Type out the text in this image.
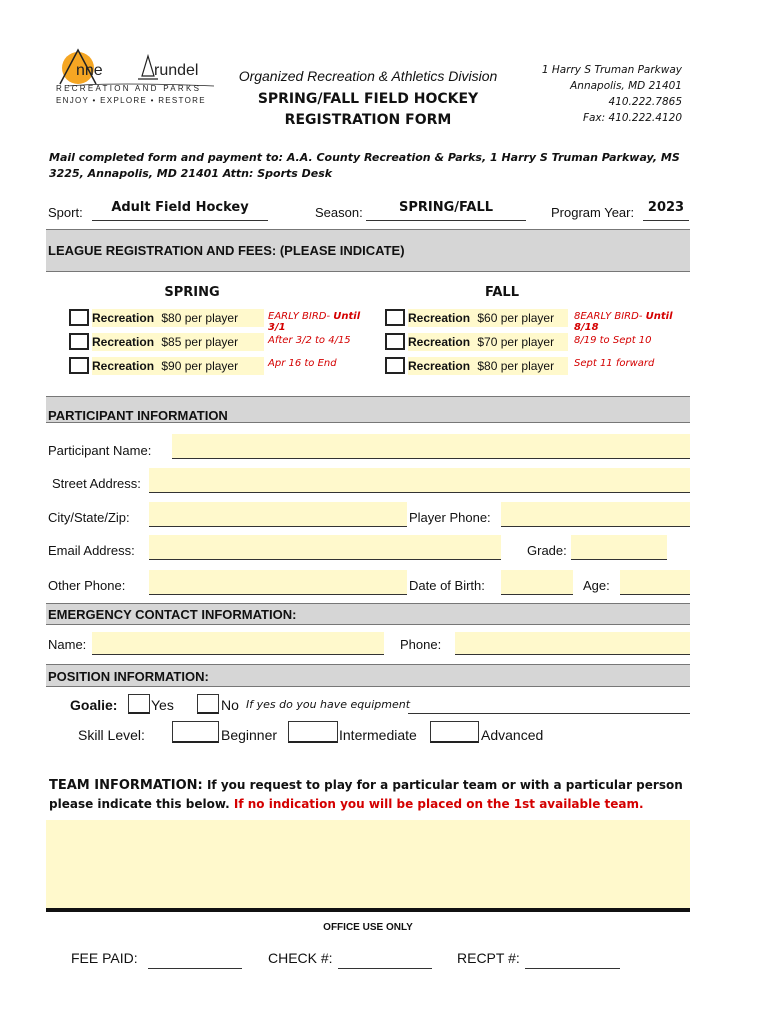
nne	rundel
RECREATION AND PARKS
ENJOY • EXPLORE • RESTORE
Organized Recreation & Athletics Division
SPRING/FALL FIELD HOCKEY
REGISTRATION FORM
1 Harry S Truman Parkway
Annapolis, MD 21401
410.222.7865
Fax: 410.222.4120
Mail completed form and payment to: A.A. County Recreation & Parks, 1 Harry S Truman Parkway, MS 3225, Annapolis, MD 21401 Attn: Sports Desk
Sport:	Adult Field Hockey	Season:	SPRING/FALL	Program Year:	2023
LEAGUE REGISTRATION AND FEES: (PLEASE INDICATE)
SPRING
Recreation $80 per player	EARLY BIRD- Until 3/1
Recreation $85 per player	After 3/2 to 4/15
Recreation $90 per player	Apr 16 to End
FALL
Recreation $60 per player	8EARLY BIRD- Until 8/18
Recreation $70 per player	8/19 to Sept 10
Recreation $80 per player	Sept 11 forward
PARTICIPANT INFORMATION
Participant Name:
Street Address:
City/State/Zip:	Player Phone:
Email Address:	Grade:
Other Phone:	Date of Birth:	Age:
EMERGENCY CONTACT INFORMATION:
Name:	Phone:
POSITION INFORMATION:
Goalie: Yes	No If yes do you have equipment
Skill Level:	Beginner	Intermediate	Advanced
TEAM INFORMATION: If you request to play for a particular team or with a particular person
please indicate this below. If no indication you will be placed on the 1st available team.
OFFICE USE ONLY
FEE PAID:	CHECK #:	RECPT #:
